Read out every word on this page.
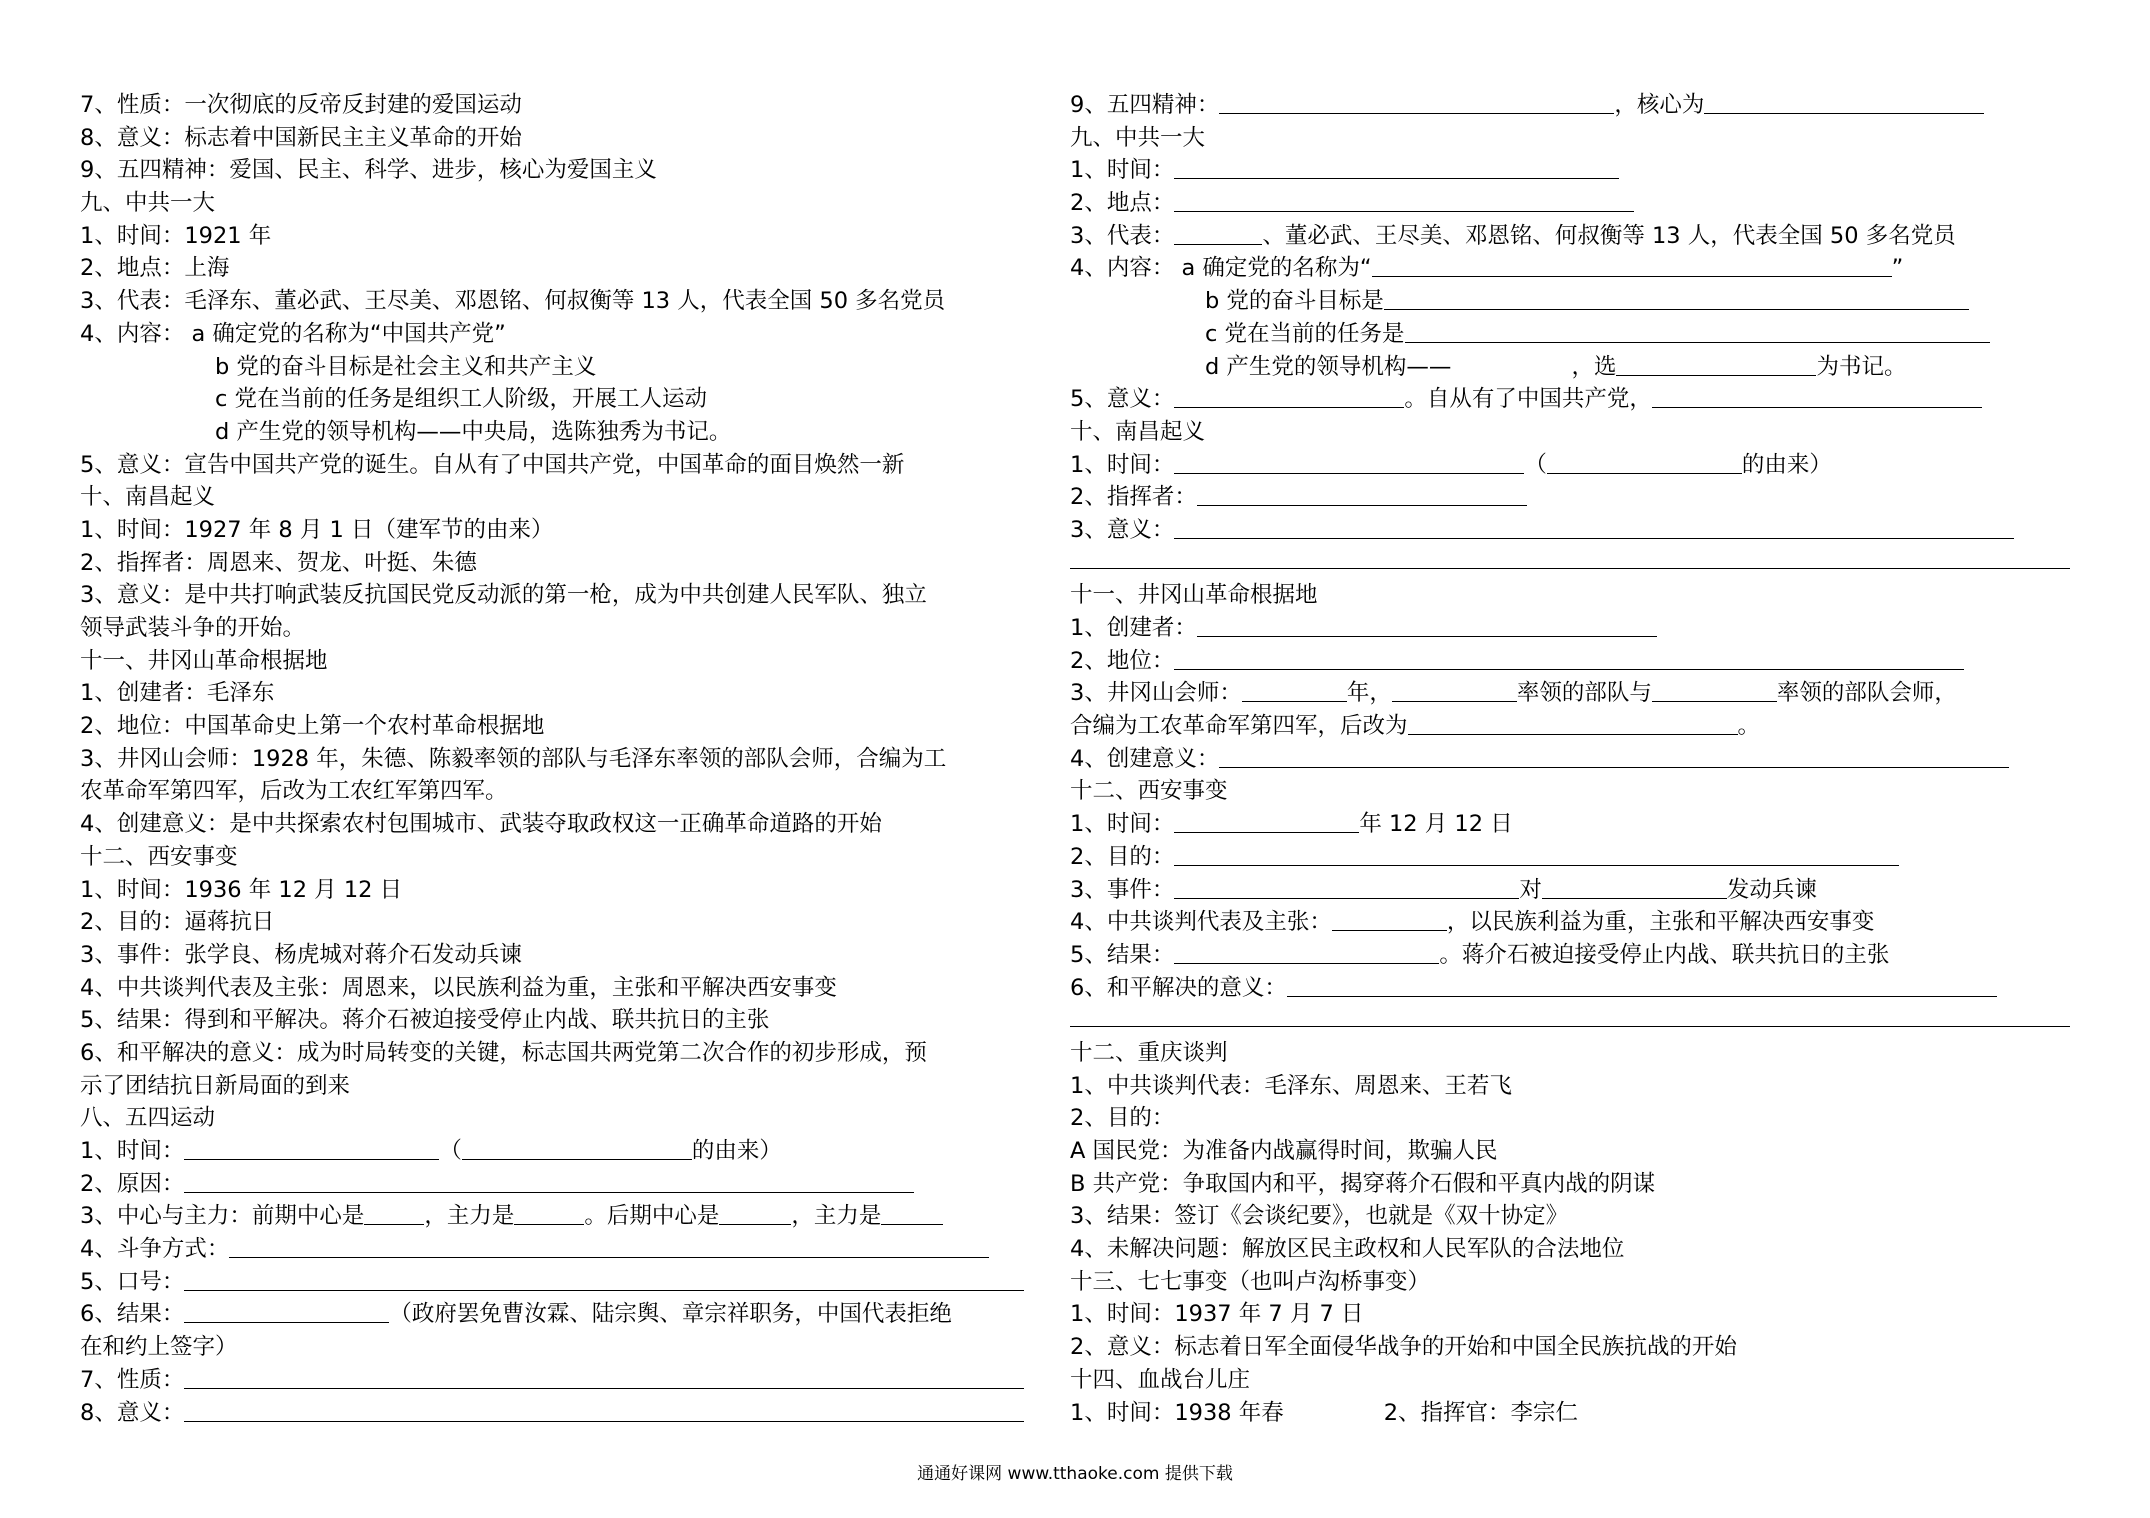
7、性质：一次彻底的反帝反封建的爱国运动
8、意义：标志着中国新民主主义革命的开始
9、五四精神：爱国、民主、科学、进步，核心为爱国主义
九、中共一大
1、时间：1921 年
2、地点：上海
3、代表：毛泽东、董必武、王尽美、邓恩铭、何叔衡等 13 人，代表全国 50 多名党员
4、内容： a 确定党的名称为“中国共产党”
b 党的奋斗目标是社会主义和共产主义
c 党在当前的任务是组织工人阶级，开展工人运动
d 产生党的领导机构——中央局，选陈独秀为书记。
5、意义：宣告中国共产党的诞生。自从有了中国共产党，中国革命的面目焕然一新
十、南昌起义
1、时间：1927 年 8 月 1 日（建军节的由来）
2、指挥者：周恩来、贺龙、叶挺、朱德
3、意义：是中共打响武装反抗国民党反动派的第一枪，成为中共创建人民军队、独立
领导武装斗争的开始。
十一、井冈山革命根据地
1、创建者：毛泽东
2、地位：中国革命史上第一个农村革命根据地
3、井冈山会师：1928 年，朱德、陈毅率领的部队与毛泽东率领的部队会师，合编为工
农革命军第四军，后改为工农红军第四军。
4、创建意义：是中共探索农村包围城市、武装夺取政权这一正确革命道路的开始
十二、西安事变
1、时间：1936 年 12 月 12 日
2、目的：逼蒋抗日
3、事件：张学良、杨虎城对蒋介石发动兵谏
4、中共谈判代表及主张：周恩来，以民族利益为重，主张和平解决西安事变
5、结果：得到和平解决。蒋介石被迫接受停止内战、联共抗日的主张
6、和平解决的意义：成为时局转变的关键，标志国共两党第二次合作的初步形成，预
示了团结抗日新局面的到来
八、五四运动
1、时间：	（	的由来）
2、原因：
3、中心与主力：前期中心是	，主力是	。后期中心是	，主力是
4、斗争方式：
5、口号：
6、结果：	（政府罢免曹汝霖、陆宗舆、章宗祥职务，中国代表拒绝
在和约上签字）
7、性质：
8、意义：
9、五四精神：	，核心为
九、中共一大
1、时间：
2、地点：
3、代表：	、董必武、王尽美、邓恩铭、何叔衡等 13 人，代表全国 50 多名党员
4、内容： a 确定党的名称为“	”
b 党的奋斗目标是
c 党在当前的任务是
d 产生党的领导机构——	，选	为书记。
5、意义：	。自从有了中国共产党，
十、南昌起义
1、时间：	（	的由来）
2、指挥者：
3、意义：
十一、井冈山革命根据地
1、创建者：
2、地位：
3、井冈山会师：	年，	率领的部队与	率领的部队会师，
合编为工农革命军第四军，后改为	。
4、创建意义：
十二、西安事变
1、时间：	年 12 月 12 日
2、目的：
3、事件：	对	发动兵谏
4、中共谈判代表及主张：	，以民族利益为重，主张和平解决西安事变
5、结果：	。蒋介石被迫接受停止内战、联共抗日的主张
6、和平解决的意义：
十二、重庆谈判
1、中共谈判代表：毛泽东、周恩来、王若飞
2、目的：
A 国民党：为准备内战赢得时间，欺骗人民
B 共产党：争取国内和平，揭穿蒋介石假和平真内战的阴谋
3、结果：签订《会谈纪要》，也就是《双十协定》
4、未解决问题：解放区民主政权和人民军队的合法地位
十三、七七事变（也叫卢沟桥事变）
1、时间：1937 年 7 月 7 日
2、意义：标志着日军全面侵华战争的开始和中国全民族抗战的开始
十四、血战台儿庄
1、时间：1938 年春	2、指挥官：李宗仁
通通好课网 www.tthaoke.com 提供下载
